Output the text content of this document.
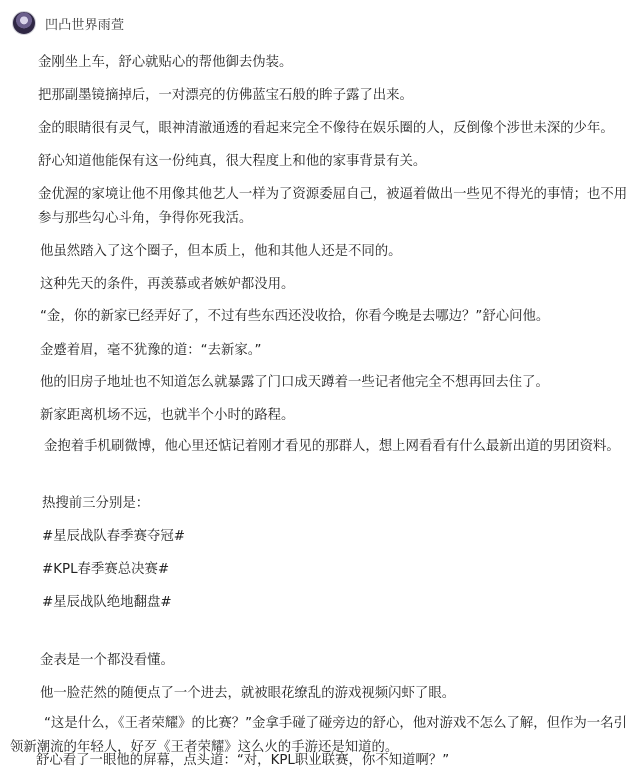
凹凸世界雨萱
金刚坐上车，舒心就贴心的帮他御去伪装。
把那副墨镜摘掉后，一对漂亮的仿佛蓝宝石般的眸子露了出来。
金的眼睛很有灵气，眼神清澈通透的看起来完全不像待在娱乐圈的人，反倒像个涉世未深的少年。
舒心知道他能保有这一份纯真，很大程度上和他的家事背景有关。
金优渥的家境让他不用像其他艺人一样为了资源委屈自己，被逼着做出一些见不得光的事情；也不用参与那些勾心斗角，争得你死我活。
他虽然踏入了这个圈子，但本质上，他和其他人还是不同的。
这种先天的条件，再羡慕或者嫉妒都没用。
“金，你的新家已经弄好了，不过有些东西还没收拾，你看今晚是去哪边？”舒心问他。
金蹙着眉，毫不犹豫的道：“去新家。”
他的旧房子地址也不知道怎么就暴露了门口成天蹲着一些记者他完全不想再回去住了。
新家距离机场不远，也就半个小时的路程。
金抱着手机刷微博，他心里还惦记着刚才看见的那群人，想上网看看有什么最新出道的男团资料。
热搜前三分别是：
#星辰战队春季赛夺冠#
#KPL春季赛总决赛#
#星辰战队绝地翻盘#
金表是一个都没看懂。
他一脸茫然的随便点了一个进去，就被眼花缭乱的游戏视频闪虾了眼。
“这是什么，《王者荣耀》的比赛？”金拿手碰了碰旁边的舒心，他对游戏不怎么了解，但作为一名引领新潮流的年轻人，好歹《王者荣耀》这么火的手游还是知道的。
舒心看了一眼他的屏幕，点头道：“对，KPL职业联赛，你不知道啊？”
